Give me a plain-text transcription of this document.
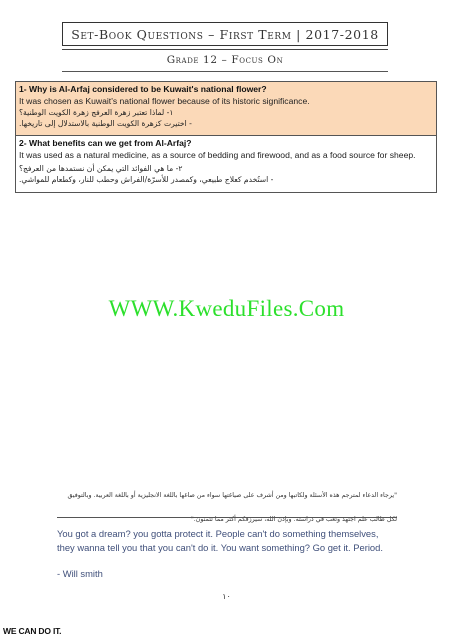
Set-Book Questions – First Term | 2017-2018
Grade 12 – Focus On
1- Why is Al-Arfaj considered to be Kuwait's national flower?
It was chosen as Kuwait's national flower because of its historic significance.
١- لماذا تعتبر زهرة العرفج زهرة الكويت الوطنية؟
- اختيرت كزهرة الكويت الوطنية بالاستدلال إلى تاريخها.
2- What benefits can we get from Al-Arfaj?
It was used as a natural medicine, as a source of bedding and firewood, and as a food source for sheep.
٢- ما هي الفوائد التي يمكن أن نستمدها من العرفج؟
- استُخدم كعلاج طبيعي، وكمصدر للأسرّة/الفراش وحطب للنار، وكطعام للمواشي.
WWW.KweduFiles.Com
"يرجاء الدعاء لمترجم هذه الأسئلة ولكاتبها ومن أشرف على صياغتها سواء من صاغها باللغة الانجليزية أو باللغة العربية. وبالتوفيق لكل طالب علم اجتهد وتعب في دراسته. وبإذن الله، سيرزقكم أكثر مما تتمنون."
You got a dream? you gotta protect it. People can't do something themselves, they wanna tell you that you can't do it. You want something? Go get it. Period.
- Will smith
١٠
WE CAN DO IT.
